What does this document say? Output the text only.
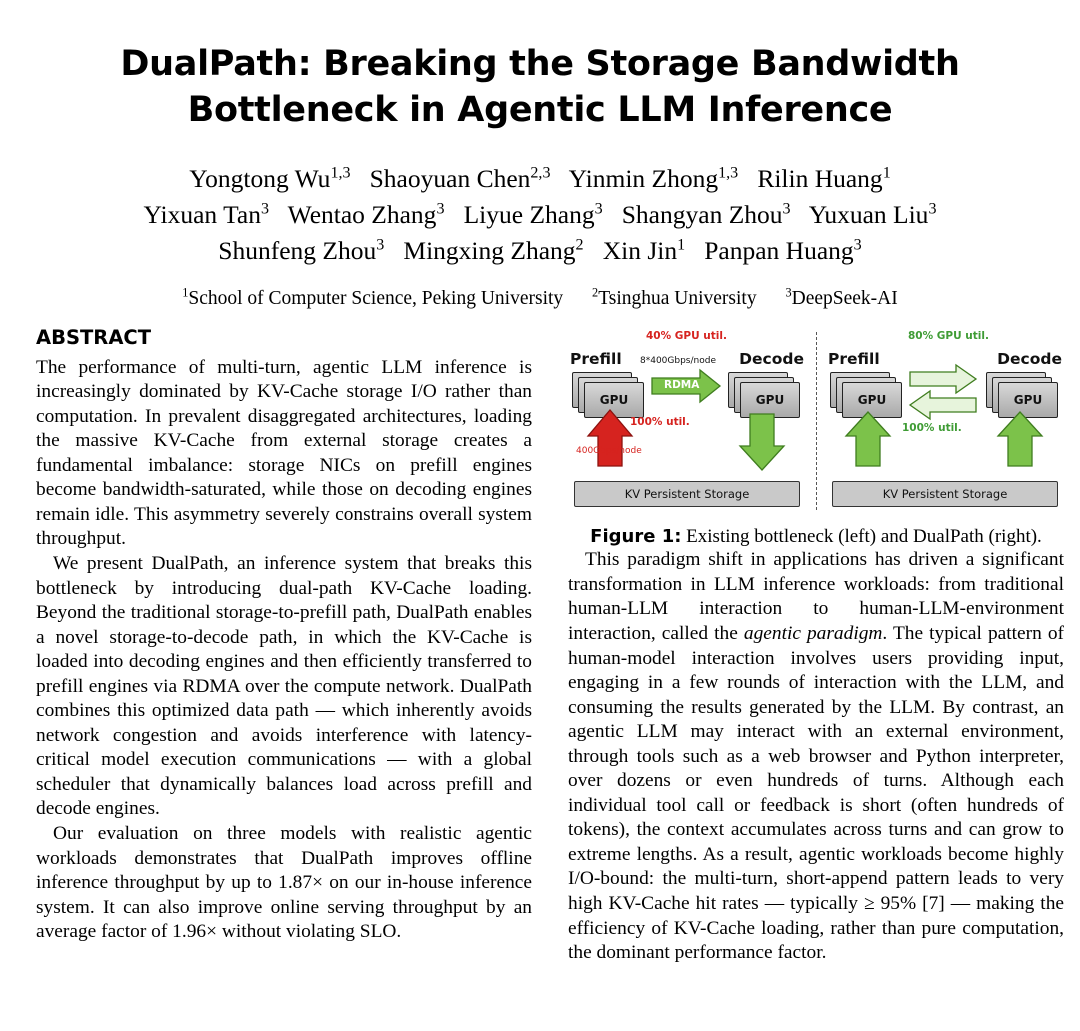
DualPath: Breaking the Storage Bandwidth
Bottleneck in Agentic LLM Inference
Yongtong Wu$^{1,3}$   Shaoyuan Chen$^{2,3}$   Yinmin Zhong$^{1,3}$   Rilin Huang$^1$
Yixuan Tan$^3$   Wentao Zhang$^3$   Liyue Zhang$^3$   Shangyan Zhou$^3$   Yuxuan Liu$^3$
Shunfeng Zhou$^3$   Mingxing Zhang$^2$   Xin Jin$^1$   Panpan Huang$^3$
$^1$School of Computer Science, Peking University $^2$Tsinghua University $^3$DeepSeek-AI
ABSTRACT

The performance of multi-turn, agentic LLM inference is increasingly dominated by KV-Cache storage I/O rather than computation. In prevalent disaggregated architectures, loading the massive KV-Cache from external storage creates a fundamental imbalance: storage NICs on prefill engines become bandwidth-saturated, while those on decoding engines remain idle. This asymmetry severely constrains overall system throughput.

We present DualPath, an inference system that breaks this bottleneck by introducing dual-path KV-Cache loading. Beyond the traditional storage-to-prefill path, DualPath enables a novel storage-to-decode path, in which the KV-Cache is loaded into decoding engines and then efficiently transferred to prefill engines via RDMA over the compute network. DualPath combines this optimized data path — which inherently avoids network congestion and avoids interference with latency-critical model execution communications — with a global scheduler that dynamically balances load across prefill and decode engines.

Our evaluation on three models with realistic agentic workloads demonstrates that DualPath improves offline inference throughput by up to 1.87× on our in-house inference system. It can also improve online serving throughput by an average factor of 1.96× without violating SLO.

40% GPU util.
Prefill	Decode
8*400Gbps/node
GPU	GPU
RDMA
100% util.
400Gbps/node
KV Persistent Storage
80% GPU util.
Prefill	Decode
GPU	GPU
100% util.
KV Persistent Storage
Figure 1: Existing bottleneck (left) and DualPath (right).

This paradigm shift in applications has driven a significant transformation in LLM inference workloads: from traditional human-LLM interaction to human-LLM-environment interaction, called the agentic paradigm. The typical pattern of human-model interaction involves users providing input, engaging in a few rounds of interaction with the LLM, and consuming the results generated by the LLM. By contrast, an agentic LLM may interact with an external environment, through tools such as a web browser and Python interpreter, over dozens or even hundreds of turns. Although each individual tool call or feedback is short (often hundreds of tokens), the context accumulates across turns and can grow to extreme lengths. As a result, agentic workloads become highly I/O-bound: the multi-turn, short-append pattern leads to very high KV-Cache hit rates — typically ≥ 95% [7] — making the efficiency of KV-Cache loading, rather than pure computation, the dominant performance factor.
